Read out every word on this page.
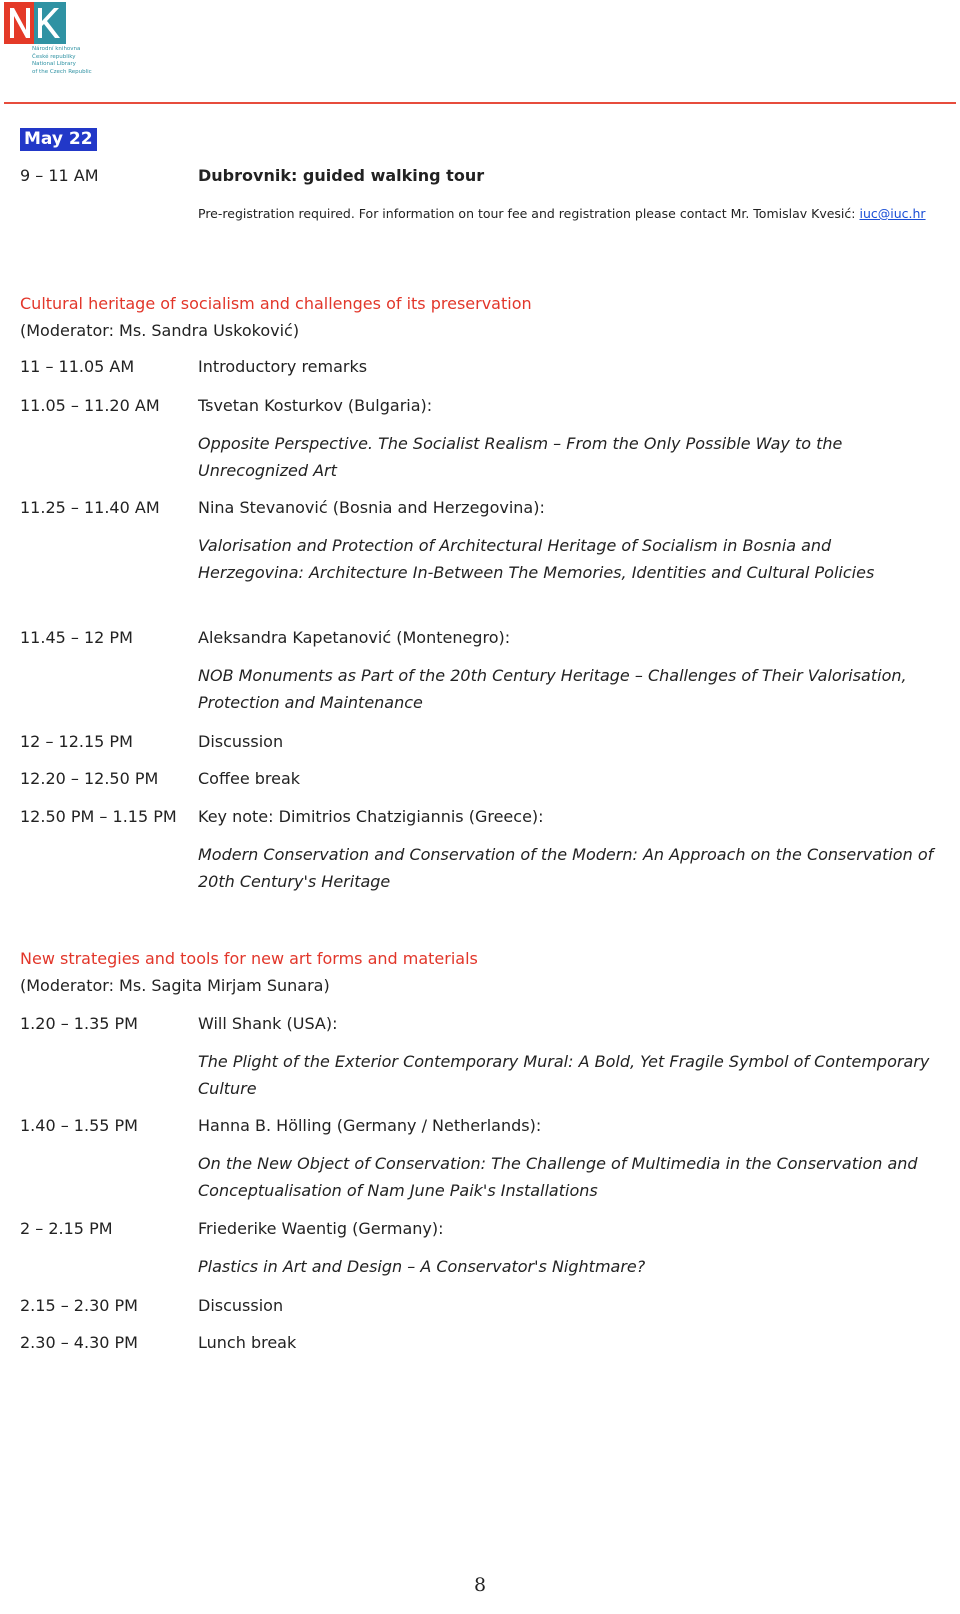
Národní knihovna
České republiky
National Library
of the Czech Republic
May 22
9 – 11 AM	Dubrovnik: guided walking tour
Pre-registration required. For information on tour fee and registration please contact Mr. Tomislav Kvesić: iuc@iuc.hr
Cultural heritage of socialism and challenges of its preservation
(Moderator: Ms. Sandra Uskoković)
11 – 11.05 AM	Introductory remarks
11.05 – 11.20 AM	Tsvetan Kosturkov (Bulgaria):
Opposite Perspective. The Socialist Realism – From the Only Possible Way to the Unrecognized Art
11.25 – 11.40 AM	Nina Stevanović (Bosnia and Herzegovina):
Valorisation and Protection of Architectural Heritage of Socialism in Bosnia and Herzegovina: Architecture In-Between The Memories, Identities and Cultural Policies
11.45 – 12 PM	Aleksandra Kapetanović (Montenegro):
NOB Monuments as Part of the 20th Century Heritage – Challenges of Their Valorisation, Protection and Maintenance
12 – 12.15 PM	Discussion
12.20 – 12.50 PM	Coffee break
12.50 PM – 1.15 PM	Key note: Dimitrios Chatzigiannis (Greece):
Modern Conservation and Conservation of the Modern: An Approach on the Conservation of 20th Century's Heritage
New strategies and tools for new art forms and materials
(Moderator: Ms. Sagita Mirjam Sunara)
1.20 – 1.35 PM	Will Shank (USA):
The Plight of the Exterior Contemporary Mural: A Bold, Yet Fragile Symbol of Contemporary Culture
1.40 – 1.55 PM	Hanna B. Hölling (Germany / Netherlands):
On the New Object of Conservation: The Challenge of Multimedia in the Conservation and Conceptualisation of Nam June Paik's Installations
2 – 2.15 PM	Friederike Waentig (Germany):
Plastics in Art and Design – A Conservator's Nightmare?
2.15 – 2.30 PM	Discussion
2.30 – 4.30 PM	Lunch break
8
